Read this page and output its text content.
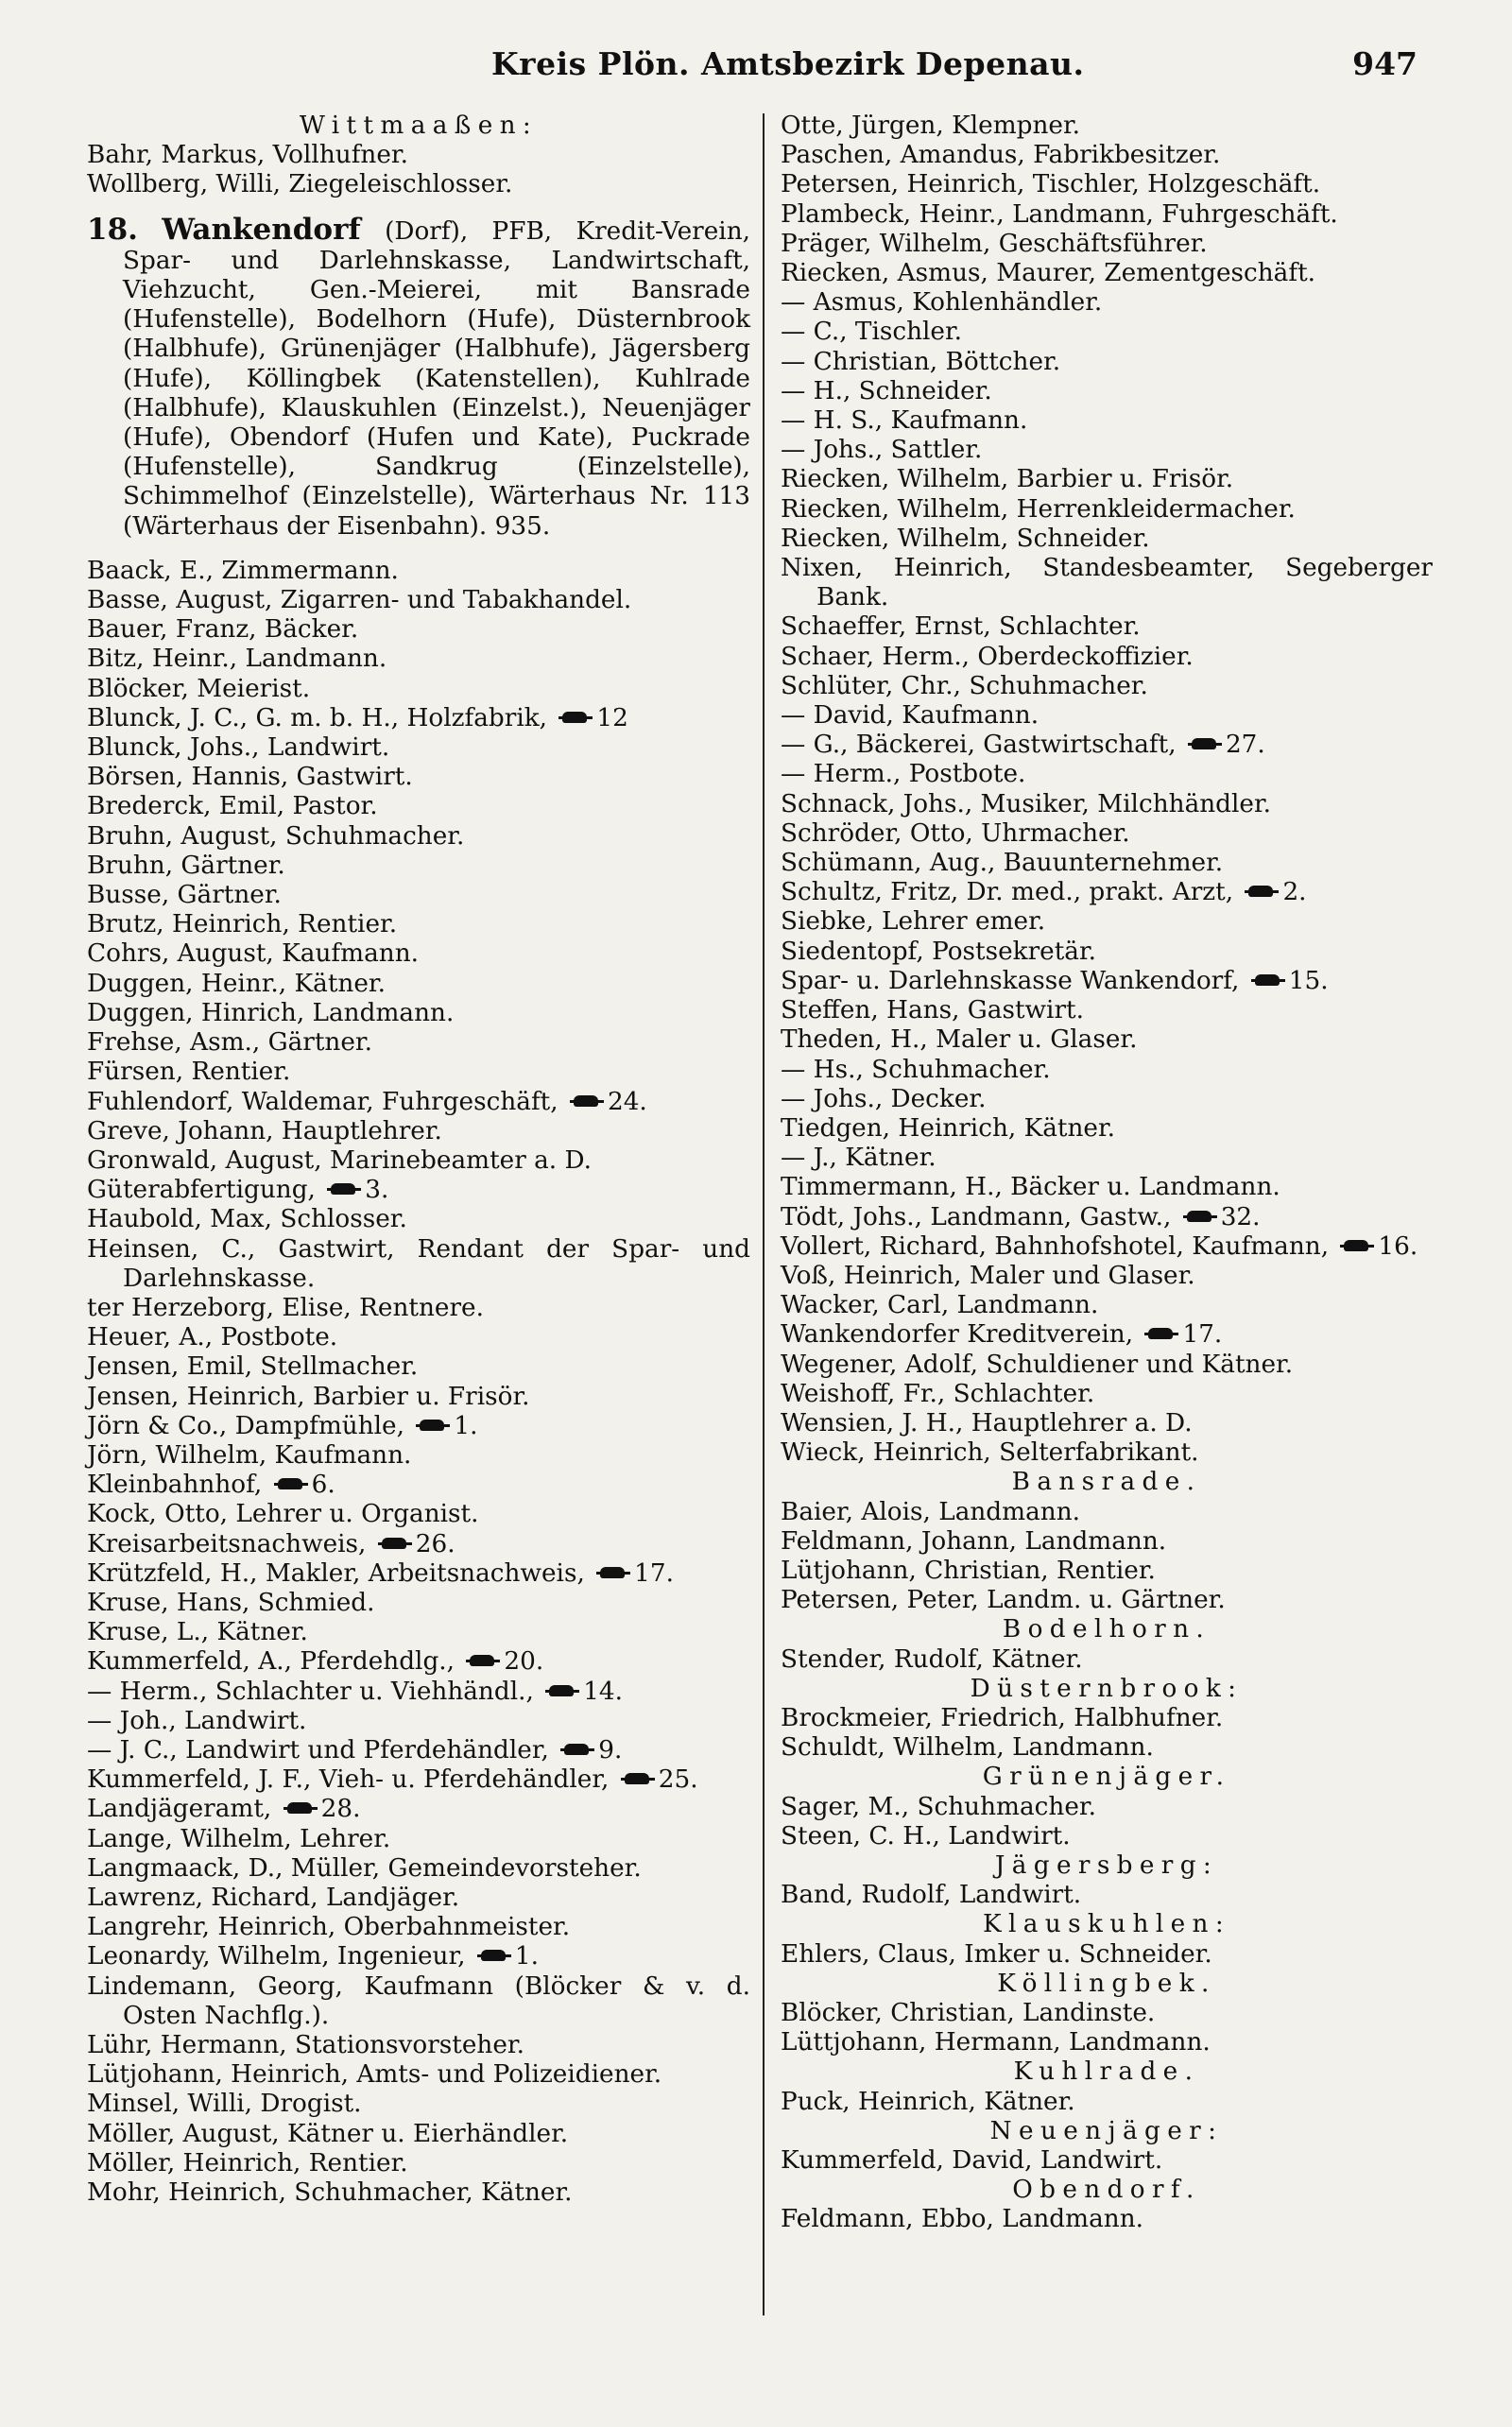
Kreis Plön. Amtsbezirk Depenau.	947
Wittmaaßen:
Bahr, Markus, Vollhufner.
Wollberg, Willi, Ziegeleischlosser.
18. Wankendorf (Dorf), PFB, Kredit-Verein, Spar- und Darlehnskasse, Landwirtschaft, Viehzucht, Gen.-Meierei, mit Bansrade (Hufenstelle), Bodelhorn (Hufe), Düsternbrook (Halbhufe), Grünenjäger (Halbhufe), Jägersberg (Hufe), Köllingbek (Katenstellen), Kuhlrade (Halbhufe), Klauskuhlen (Einzelst.), Neuenjäger (Hufe), Obendorf (Hufen und Kate), Puckrade (Hufenstelle), Sandkrug (Einzelstelle), Schimmelhof (Einzelstelle), Wärterhaus Nr. 113 (Wärterhaus der Eisenbahn). 935.
Baack, E., Zimmermann.
Basse, August, Zigarren- und Tabakhandel.
Bauer, Franz, Bäcker.
Bitz, Heinr., Landmann.
Blöcker, Meierist.
Blunck, J. C., G. m. b. H., Holzfabrik, 12
Blunck, Johs., Landwirt.
Börsen, Hannis, Gastwirt.
Brederck, Emil, Pastor.
Bruhn, August, Schuhmacher.
Bruhn, Gärtner.
Busse, Gärtner.
Brutz, Heinrich, Rentier.
Cohrs, August, Kaufmann.
Duggen, Heinr., Kätner.
Duggen, Hinrich, Landmann.
Frehse, Asm., Gärtner.
Fürsen, Rentier.
Fuhlendorf, Waldemar, Fuhrgeschäft, 24.
Greve, Johann, Hauptlehrer.
Gronwald, August, Marinebeamter a. D.
Güterabfertigung, 3.
Haubold, Max, Schlosser.
Heinsen, C., Gastwirt, Rendant der Spar- und Darlehnskasse.
ter Herzeborg, Elise, Rentnere.
Heuer, A., Postbote.
Jensen, Emil, Stellmacher.
Jensen, Heinrich, Barbier u. Frisör.
Jörn & Co., Dampfmühle, 1.
Jörn, Wilhelm, Kaufmann.
Kleinbahnhof, 6.
Kock, Otto, Lehrer u. Organist.
Kreisarbeitsnachweis, 26.
Krützfeld, H., Makler, Arbeitsnachweis, 17.
Kruse, Hans, Schmied.
Kruse, L., Kätner.
Kummerfeld, A., Pferdehdlg., 20.
— Herm., Schlachter u. Viehhändl., 14.
— Joh., Landwirt.
— J. C., Landwirt und Pferdehändler, 9.
Kummerfeld, J. F., Vieh- u. Pferdehändler, 25.
Landjägeramt, 28.
Lange, Wilhelm, Lehrer.
Langmaack, D., Müller, Gemeindevorsteher.
Lawrenz, Richard, Landjäger.
Langrehr, Heinrich, Oberbahnmeister.
Leonardy, Wilhelm, Ingenieur, 1.
Lindemann, Georg, Kaufmann (Blöcker & v. d. Osten Nachflg.).
Lühr, Hermann, Stationsvorsteher.
Lütjohann, Heinrich, Amts- und Polizeidiener.
Minsel, Willi, Drogist.
Möller, August, Kätner u. Eierhändler.
Möller, Heinrich, Rentier.
Mohr, Heinrich, Schuhmacher, Kätner.
Otte, Jürgen, Klempner.
Paschen, Amandus, Fabrikbesitzer.
Petersen, Heinrich, Tischler, Holzgeschäft.
Plambeck, Heinr., Landmann, Fuhrgeschäft.
Präger, Wilhelm, Geschäftsführer.
Riecken, Asmus, Maurer, Zementgeschäft.
— Asmus, Kohlenhändler.
— C., Tischler.
— Christian, Böttcher.
— H., Schneider.
— H. S., Kaufmann.
— Johs., Sattler.
Riecken, Wilhelm, Barbier u. Frisör.
Riecken, Wilhelm, Herrenkleidermacher.
Riecken, Wilhelm, Schneider.
Nixen, Heinrich, Standesbeamter, Segeberger Bank.
Schaeffer, Ernst, Schlachter.
Schaer, Herm., Oberdeckoffizier.
Schlüter, Chr., Schuhmacher.
— David, Kaufmann.
— G., Bäckerei, Gastwirtschaft, 27.
— Herm., Postbote.
Schnack, Johs., Musiker, Milchhändler.
Schröder, Otto, Uhrmacher.
Schümann, Aug., Bauunternehmer.
Schultz, Fritz, Dr. med., prakt. Arzt, 2.
Siebke, Lehrer emer.
Siedentopf, Postsekretär.
Spar- u. Darlehnskasse Wankendorf, 15.
Steffen, Hans, Gastwirt.
Theden, H., Maler u. Glaser.
— Hs., Schuhmacher.
— Johs., Decker.
Tiedgen, Heinrich, Kätner.
— J., Kätner.
Timmermann, H., Bäcker u. Landmann.
Tödt, Johs., Landmann, Gastw., 32.
Vollert, Richard, Bahnhofshotel, Kaufmann, 16.
Voß, Heinrich, Maler und Glaser.
Wacker, Carl, Landmann.
Wankendorfer Kreditverein, 17.
Wegener, Adolf, Schuldiener und Kätner.
Weishoff, Fr., Schlachter.
Wensien, J. H., Hauptlehrer a. D.
Wieck, Heinrich, Selterfabrikant.
Bansrade.
Baier, Alois, Landmann.
Feldmann, Johann, Landmann.
Lütjohann, Christian, Rentier.
Petersen, Peter, Landm. u. Gärtner.
Bodelhorn.
Stender, Rudolf, Kätner.
Düsternbrook:
Brockmeier, Friedrich, Halbhufner.
Schuldt, Wilhelm, Landmann.
Grünenjäger.
Sager, M., Schuhmacher.
Steen, C. H., Landwirt.
Jägersberg:
Band, Rudolf, Landwirt.
Klauskuhlen:
Ehlers, Claus, Imker u. Schneider.
Köllingbek.
Blöcker, Christian, Landinste.
Lüttjohann, Hermann, Landmann.
Kuhlrade.
Puck, Heinrich, Kätner.
Neuenjäger:
Kummerfeld, David, Landwirt.
Obendorf.
Feldmann, Ebbo, Landmann.
